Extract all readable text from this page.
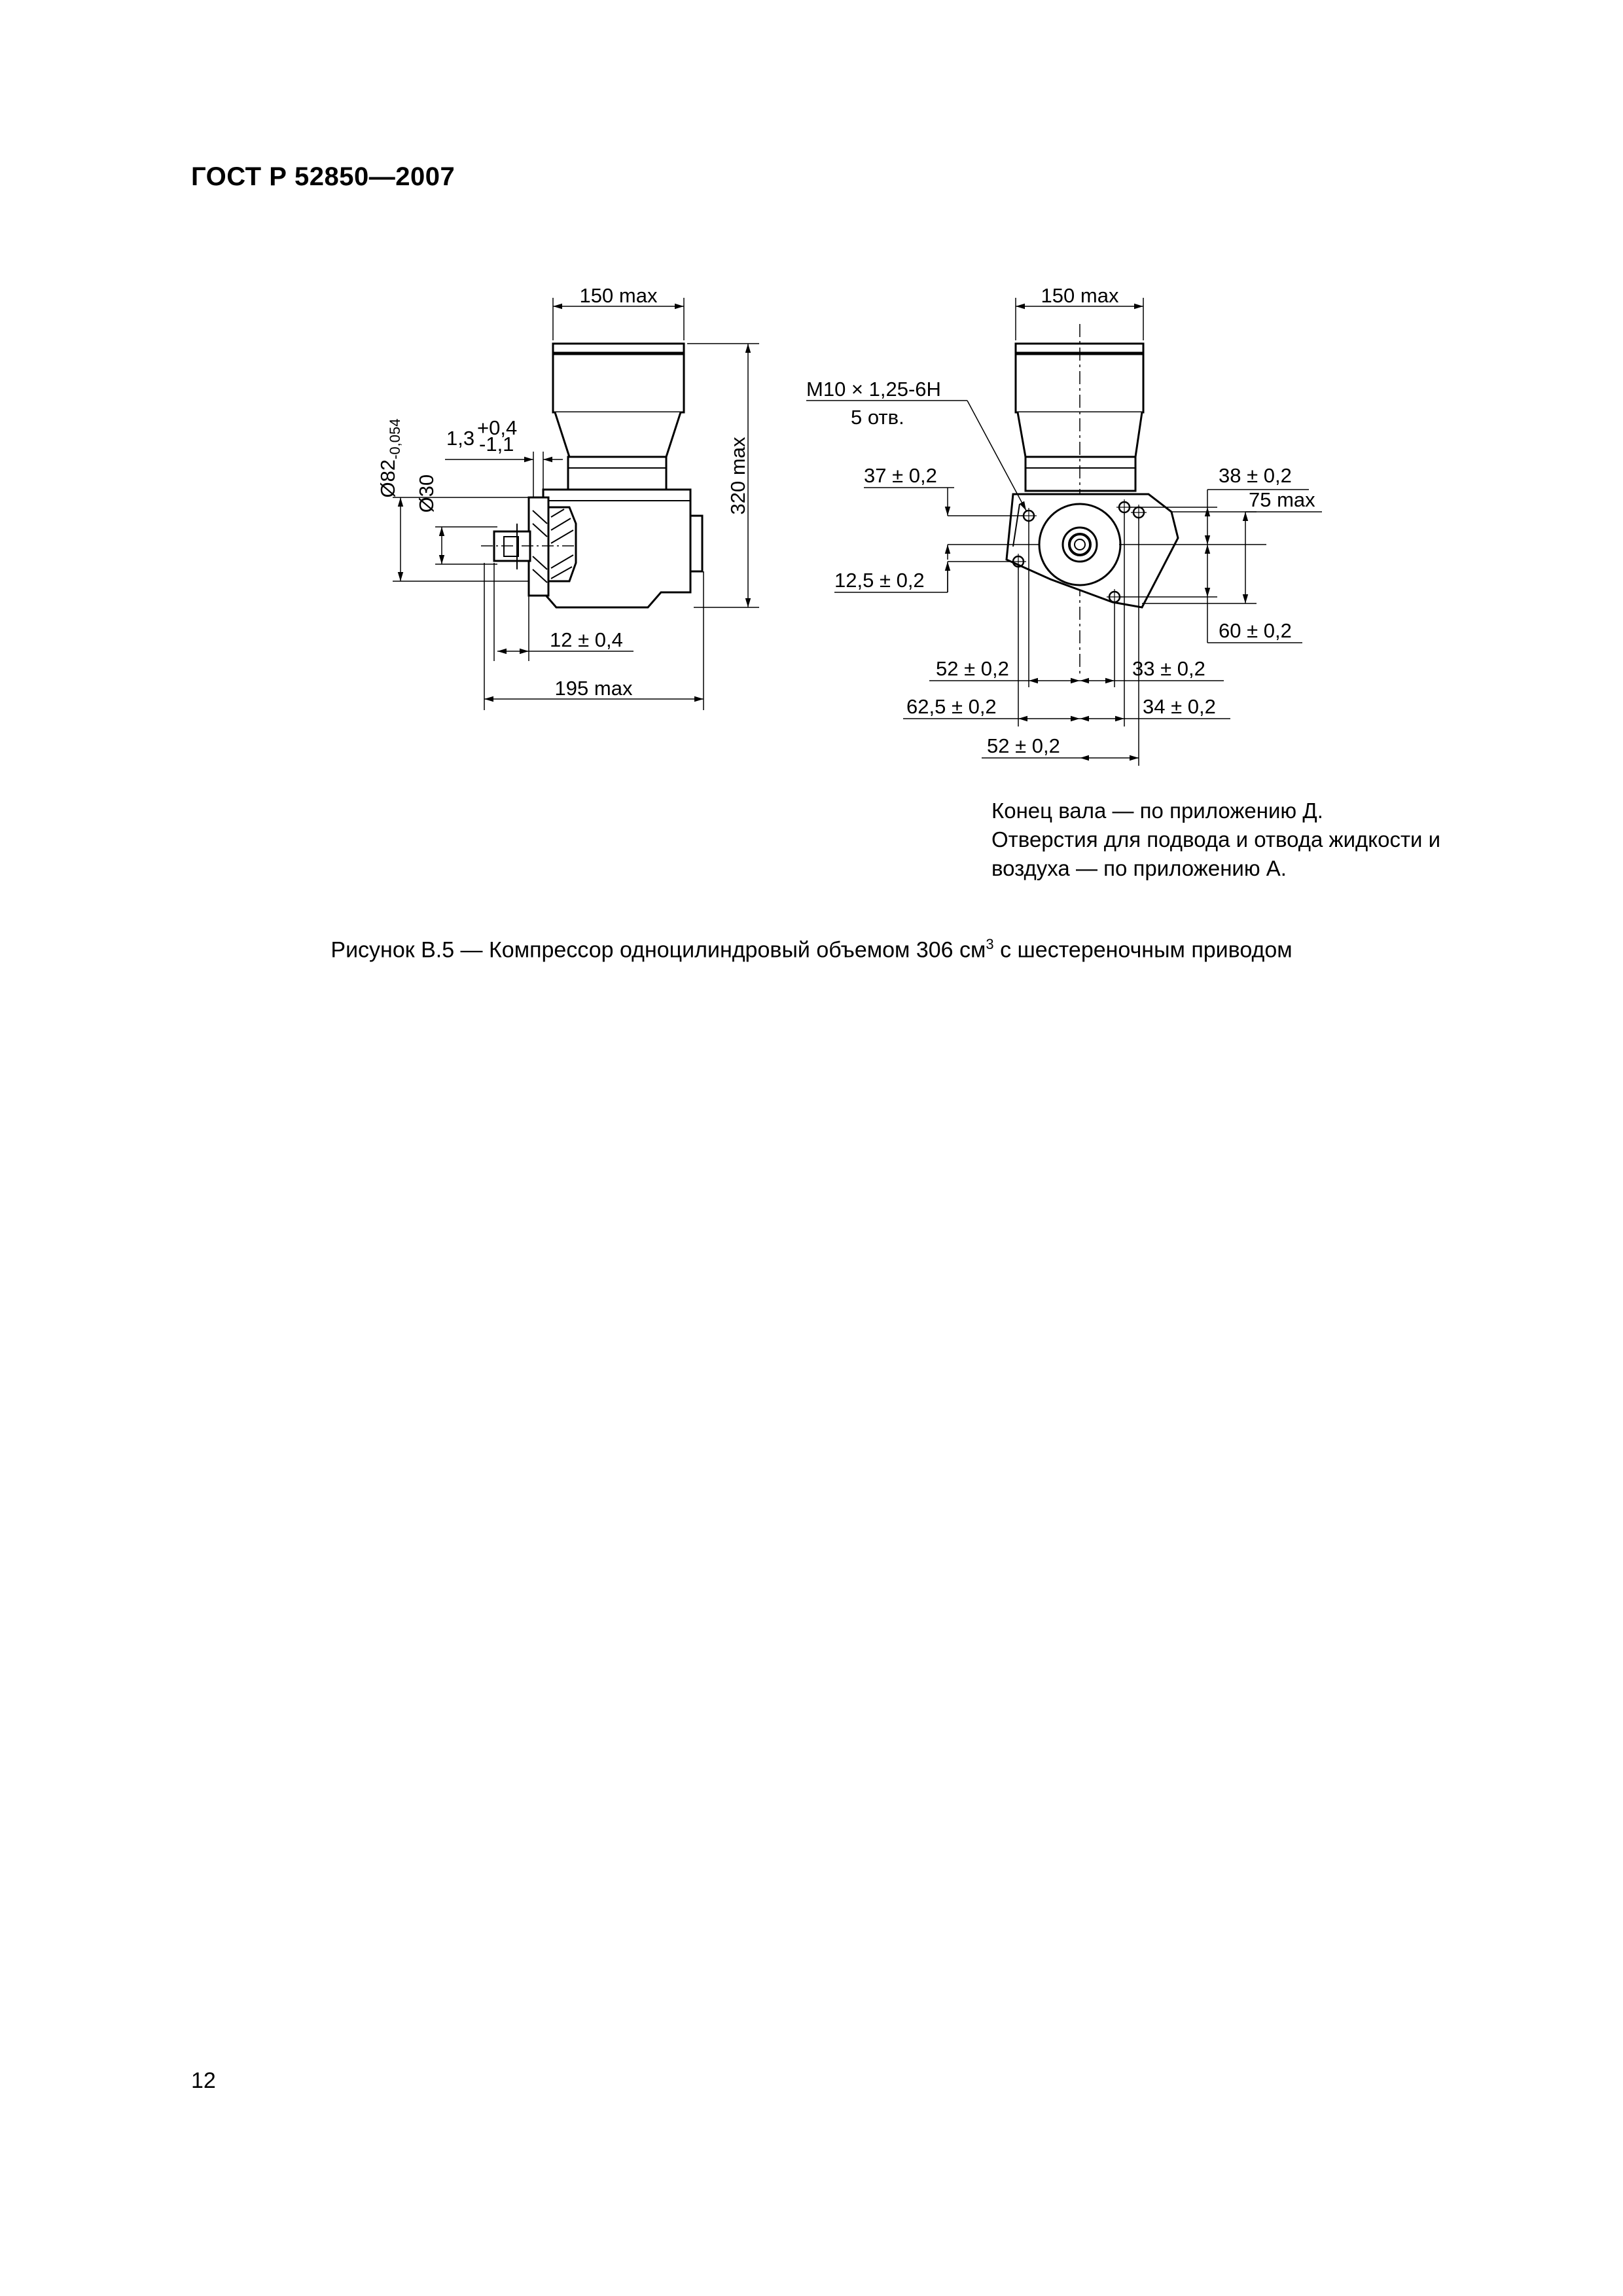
ГОСТ Р 52850—2007
150 max
320 max
$Ø82_{-0,054}$
Ø30
1,3 +0,4
-1,1
12 ± 0,4
195 max
150 max
M10 × 1,25-6H
5 отв.
37 ± 0,2
12,5 ± 0,2
38 ± 0,2
75 max
60 ± 0,2
52 ± 0,2	33 ± 0,2
62,5 ± 0,2	34 ± 0,2
52 ± 0,2
Конец вала — по приложению Д.
Отверстия для подвода и отвода жидкости и
воздуха — по приложению А.
Рисунок В.5 — Компрессор одноцилиндровый объемом 306 $см^3$ с шестереночным приводом
12
